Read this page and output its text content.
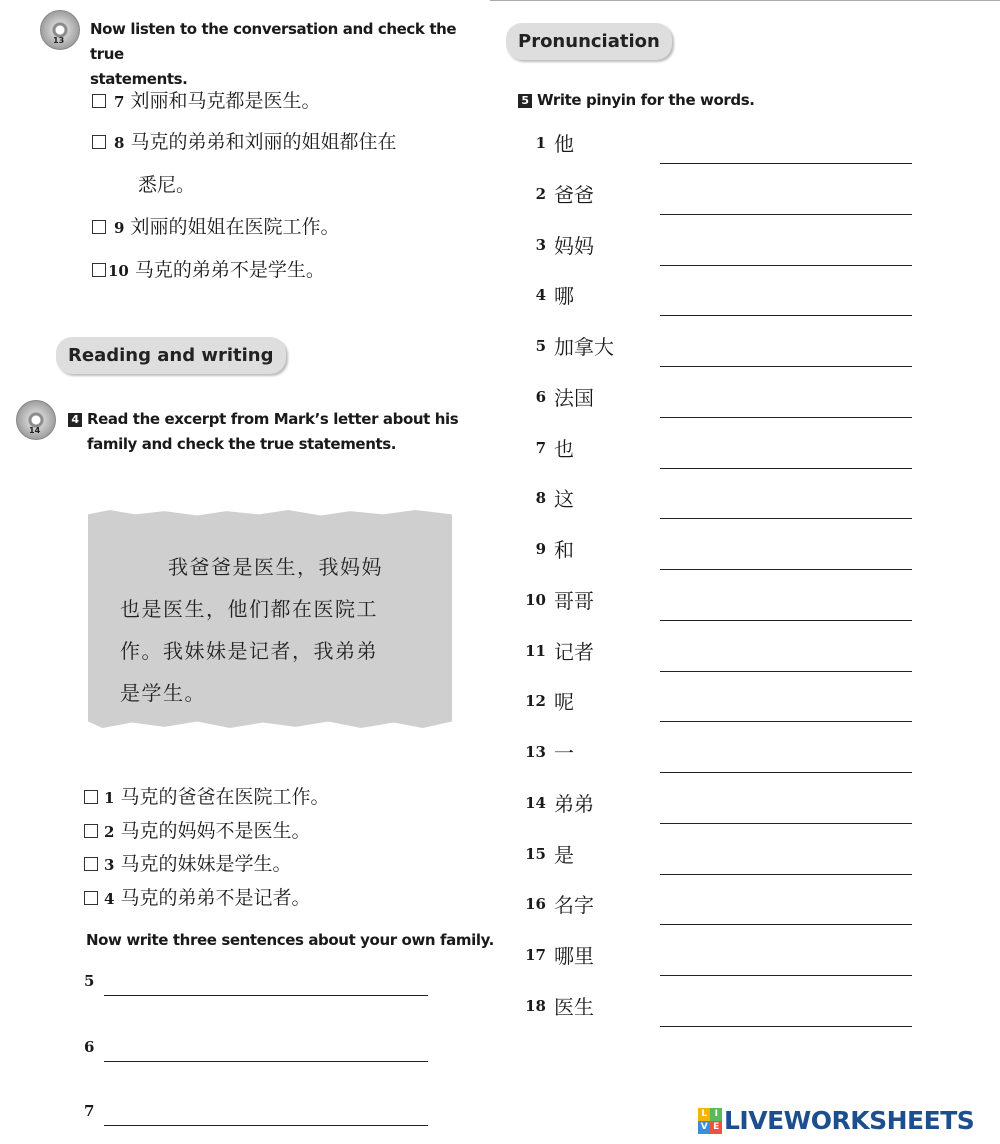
13
Now listen to the conversation and check the true
statements.
7 刘丽和马克都是医生。
8 马克的弟弟和刘丽的姐姐都住在
悉尼。
9 刘丽的姐姐在医院工作。
10 马克的弟弟不是学生。
Reading and writing
14
4 Read the excerpt from Mark’s letter about his
family and check the true statements.
我爸爸是医生，我妈妈
也是医生，他们都在医院工
作。我妹妹是记者，我弟弟
是学生。
1 马克的爸爸在医院工作。
2 马克的妈妈不是医生。
3 马克的妹妹是学生。
4 马克的弟弟不是记者。
Now write three sentences about your own family.
5
6
7
Pronunciation
5 Write pinyin for the words.
1 他
2 爸爸
3 妈妈
4 哪
5 加拿大
6 法国
7 也
8 这
9 和
10 哥哥
11 记者
12 呢
13 一
14 弟弟
15 是
16 名字
17 哪里
18 医生
L I
V E LIVEWORKSHEETS
